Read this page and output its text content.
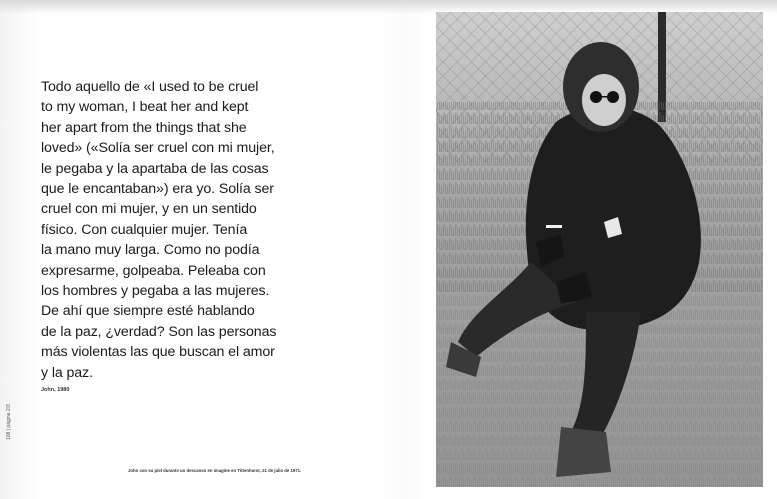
Todo aquello de «I used to be cruel
to my woman, I beat her and kept
her apart from the things that she
loved» («Solía ser cruel con mi mujer,
le pegaba y la apartaba de las cosas
que le encantaban») era yo. Solía ser
cruel con mi mujer, y en un sentido
físico. Con cualquier mujer. Tenía
la mano muy larga. Como no podía
expresarme, golpeaba. Peleaba con
los hombres y pegaba a las mujeres.
De ahí que siempre esté hablando
de la paz, ¿verdad? Son las personas
más violentas las que buscan el amor
y la paz.

John, 1980
108 | página 2/3
John con su piel durante un descanso en imagine en Tittenhurst, 21 de julio de 1971.
